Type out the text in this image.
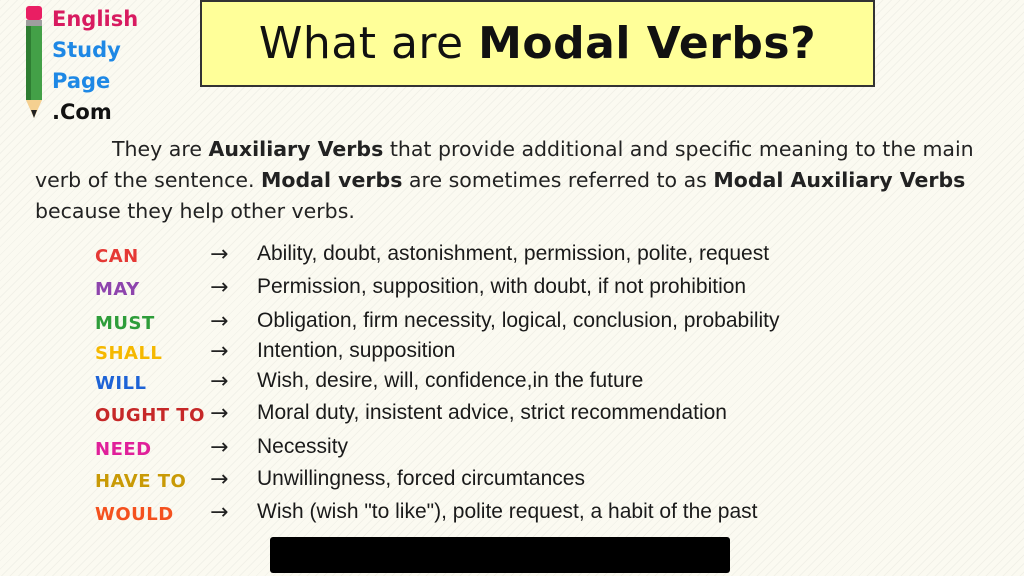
English
Study
Page
.Com
What are Modal Verbs?

They are Auxiliary Verbs that provide additional and specific meaning to the main verb of the sentence. Modal verbs are sometimes referred to as Modal Auxiliary Verbs because they help other verbs.

CAN	→ Ability, doubt, astonishment, permission, polite, request
MAY	→ Permission, supposition, with doubt, if not prohibition
MUST	→ Obligation, firm necessity, logical, conclusion, probability
SHALL → Intention, supposition
WILL	→ Wish, desire, will, confidence,in the future
OUGHT TO → Moral duty, insistent advice, strict recommendation
NEED	→ Necessity
HAVE TO → Unwillingness, forced circumtances
WOULD → Wish (wish "to like"), polite request, a habit of the past
